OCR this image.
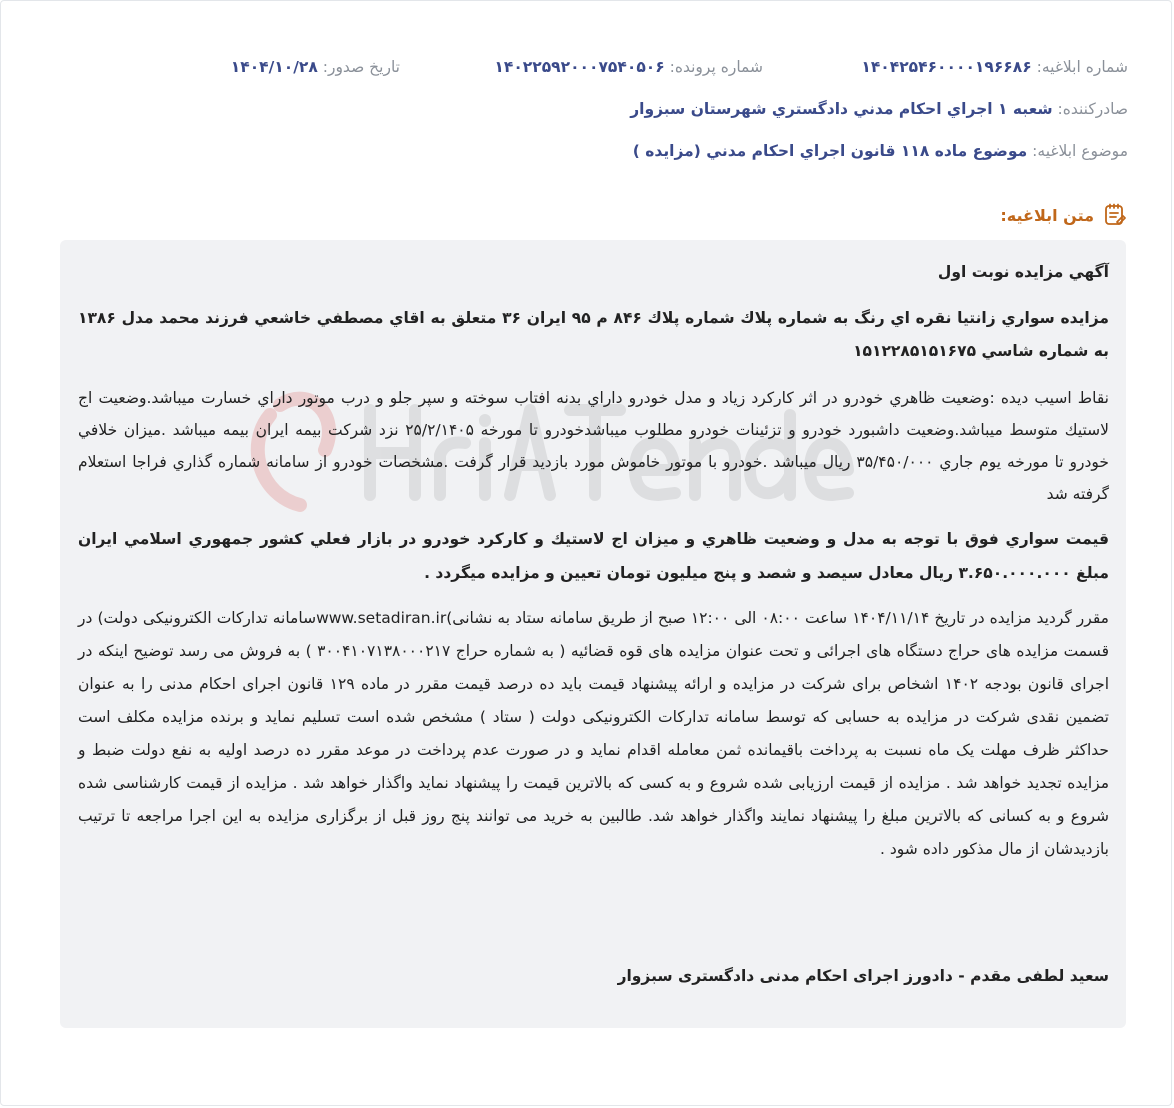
شماره ابلاغیه: ۱۴۰۴۲۵۴۶۰۰۰۰۱۹۶۶۸۶
شماره پرونده: ۱۴۰۲۲۵۹۲۰۰۰۷۵۴۰۵۰۶
تاریخ صدور: ۱۴۰۴/۱۰/۲۸
صادرکننده: شعبه ۱ اجراي احکام مدني دادگستري شهرستان سبزوار
موضوع ابلاغیه: موضوع ماده ۱۱۸ قانون اجراي احکام مدني (مزايده )
متن ابلاغیه:

آگهي مزايده نوبت اول

مزايده سواري زانتيا نقره اي رنگ به شماره پلاك شماره پلاك ۸۴۶ م ۹۵ ايران ۳۶ متعلق به اقاي مصطفي خاشعي فرزند محمد مدل ۱۳۸۶ به شماره شاسي ۱۵۱۲۲۸۵۱۵۱۶۷۵

نقاط اسيب ديده :وضعيت ظاهري خودرو در اثر كاركرد زياد و مدل خودرو داراي بدنه افتاب سوخته و سپر جلو و درب موتور داراي خسارت ميباشد.وضعيت اج لاستيك متوسط ميباشد.وضعيت داشبورد خودرو و تزئينات خودرو مطلوب ميباشدخودرو تا مورخه ۲۵/۲/۱۴۰۵ نزد شركت بيمه ايران بيمه ميباشد .ميزان خلافي خودرو تا مورخه يوم جاري ۳۵/۴۵۰/۰۰۰ ريال ميباشد .خودرو با موتور خاموش مورد بازديد قرار گرفت .مشخصات خودرو از سامانه شماره گذاري فراجا استعلام گرفته شد

قيمت سواري فوق با توجه به مدل و وضعيت ظاهري و ميزان اج لاستيك و كاركرد خودرو در بازار فعلي كشور جمهوري اسلامي ايران مبلغ ۳.۶۵۰.۰۰۰.۰۰۰ ريال معادل سيصد و شصد و پنج ميليون تومان تعيين و مزايده ميگردد .

مقرر گرديد مزايده در تاريخ ۱۴۰۴/۱۱/۱۴ ساعت ۰۸:۰۰ الی ۱۲:۰۰ صبح از طريق سامانه ستاد به نشانی)www.setadiran.irسامانه تداركات الكترونيكی دولت) در قسمت مزايده های حراج دستگاه های اجرائی و تحت عنوان مزايده های قوه قضائيه ( به شماره حراج ۳۰۰۴۱۰۷۱۳۸۰۰۰۲۱۷ ) به فروش می رسد توضيح اينكه در اجرای قانون بودجه ۱۴۰۲ اشخاص برای شركت در مزايده و ارائه پيشنهاد قيمت بايد ده درصد قيمت مقرر در ماده ۱۲۹ قانون اجرای احكام مدنی را به عنوان تضمين نقدی شركت در مزايده به حسابی كه توسط سامانه تداركات الكترونيكی دولت ( ستاد ) مشخص شده است تسليم نمايد و برنده مزايده مكلف است حداكثر ظرف مهلت يک ماه نسبت به پرداخت باقيمانده ثمن معامله اقدام نمايد و در صورت عدم پرداخت در موعد مقرر ده درصد اوليه به نفع دولت ضبط و مزايده تجديد خواهد شد . مزايده از قيمت ارزيابی شده شروع و به كسی كه بالاترين قيمت را پيشنهاد نمايد واگذار خواهد شد . مزايده از قيمت كارشناسی شده شروع و به كسانی كه بالاترين مبلغ را پيشنهاد نمايند واگذار خواهد شد. طالبين به خريد می توانند پنج روز قبل از برگزاری مزايده به اين اجرا مراجعه تا ترتيب بازديدشان از مال مذكور داده شود .

سعيد لطفی مقدم - دادورز اجرای احكام مدنی دادگستری سبزوار
